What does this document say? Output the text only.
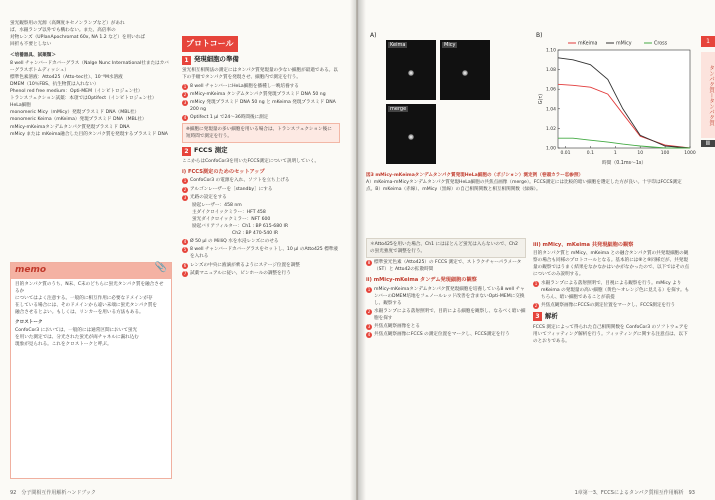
蛍光観察用の光源（高輝度キセノンランプなど）があれ
ば、水銀ランプ以外でも構わない。また、高倍率の
対物レンズ（UPlanApochromat 60x, NA 1.2 など）を用いれば
回折も不要としない
＜培養器具、試薬類＞
8 well チャンバードカバーグラス（Nalge Nunc International社またはカバーグラスボトムディッシュ）
標準色素溶液：Atto425（Atto-tec社）、10⁻⁸M水溶液
DMEM（10％FBS、抗生物質は入れない）
Phenol red free medium：Opti-MEM（インビトロジェン社）
トランスフェクション試薬：本項ではOptifect（インビトロジェン社）
HeLa細胞
monomeric Micy（mMicy）発現プラスミド DNA（MBL社）
monomeric Keima（mKeima）発現プラスミド DNA（MBL社）
mMicy-mKeimaタンデムタンパク質発現プラスミド DNA
mMicy または mKeima融合した目的タンパク質を発現するプラスミド DNA
memo	📎
目的タンパク質のうち、N末、C末のどちらに蛍光タンパク質を融合させるか
についてはよく注意する。一般的に相互作用に必要なドメインが存
在している場合には、そのドメインから遠い末端に蛍光タンパク質を
融合させるとよい。もしくは、リンカーを用いる方法もある。
クロストーク
ConfoCor3 においては、一般的には通常区間において蛍光
を用いた測定では、分光された蛍光が両チャネルに漏れ込む
現象が見られる。これをクロストークと呼ぶ。
プロトコール
1 発現細胞の準備
蛍光相互相関法の測定にはタンパク質発現量の少ない細胞が最適である。以下の手順でタンパク質を発現させ、細胞内で測定を行う。
1 8 well チャンバーにHeLa細胞を播種し一晩培養する
2 mMicy-mKeima タンデムタンパク質発現プラスミド DNA 50 ng
3 mMicy 発現プラスミド DNA 50 ng と mKeima 発現プラスミド DNA 200 ng
4 Optifect 1 μl で24〜36時間後に測定
※細胞に発現量の多い細胞を用いる場合は、トランスフェクション後に短時間で測定を行う。
2 FCCS 測定
ここからはConfoCor3を用いたFCCS測定について説明していく。
i) FCCS測定のためのセットアップ
1 ConfoCor3 の電源を入れ、ソフトを立ち上げる
2 アルゴンレーザーを［standby］にする
3 光路の設定をする
励起レーザー：458 nm
主ダイクロイックミラー：HFT 458
蛍光ダイクロイックミラー：NFT 600
励起バリアフィルター：Ch1 : BP 615-680 IR
Ch2 : BP 470-540 IR
4 Ø 50 μl の MilliQ 水を水浸レンズにのせる
5 8 well チャンバードカバーグラスをセットし、10 μl のAtto425 標準液を入れる
6 レンズの中央に液滴が乗るようにステージ位置を調整
7 試薬マニュアルに従い、ピンホールの調整を行う
92　 分子間相互作用解析ハンドブック
1
タンパク質ータンパク質
Ⅲ
A)
Keima	Micy
merge
B)
0.01	0.1	1	10	100	1000
1.00
1.02
1.04
1.06
1.08
1.10
時間（0.1ms～1s）
G(τ)
mKeima	mMicy	Cross
図3 mMicy-mKeimaタンデムタンパク質発現HeLa細胞の（ポジション）測定例（巻頭カラー㉑参照）
A）mKeima-mMicyタンデムタンパク質発現HeLa細胞の共焦点画像（merge）。FCCS測定には比較的暗い細胞を選定した方が良い。十字印はFCCS測定点。B）mKeima（赤線）、mMicy（黒線）の自己相関関数と相互相関関数（緑線）。
＊Atto425を用いた場合、Ch1 にはほとんど蛍光は入らないので、Ch2 の蛍光強度で調整を行う。
8 標準蛍光色素（Atto425）の FCCS 測定で、ストラクチャーパラメータ（ST）と Atto42の拡散時間
ii) mMicy-mKeima タンデム発現細胞の観察
1 mMicy-mKeimaタンデムタンパク質発現細胞を培養している8 well チャンバーのDMEM培地をフェノールレッド改善を含まないOpti-MEMに交換し、観察する
2 水銀ランプによる落射照明で、目的による細胞を観察し、なるべく暗い細胞を探す
3 共焦点観察画像をとる
4 共焦点観察画像にFCCS の測定位置をマークし、FCCS測定を行う
iii) mMicy、mKeima 共発現細胞の観察
目的タンパク質と mMicy、mKeima との融合タンパク質の共発現細胞の観察の場合も同様のプロトコールとなる。基本的には⑧と⑨同様だが、共発現量の観察ではうまく結果をなかなかはいかがなかったので、以下ではその点についてのみ説明する。
1 水銀ランプによる落射照明で、目視による観察を行う。mMicy よりmKeima の発現量の高い細胞（黄色〜オレンジ色に見える）を探す。もちろん、暗い細胞であることが前提
2 共焦点観察画像にFCCSの測定位置をマークし、FCCS測定を行う
3 解析
FCCS 測定によって得られた自己相関関数を ConfoCor3 のソフトウェアを用いてフィッティング解析を行う。フィッティングに関する注意点は、以下のとおりである。
1章第一3、FCCSによるタンパク質相互作用解析　 93
